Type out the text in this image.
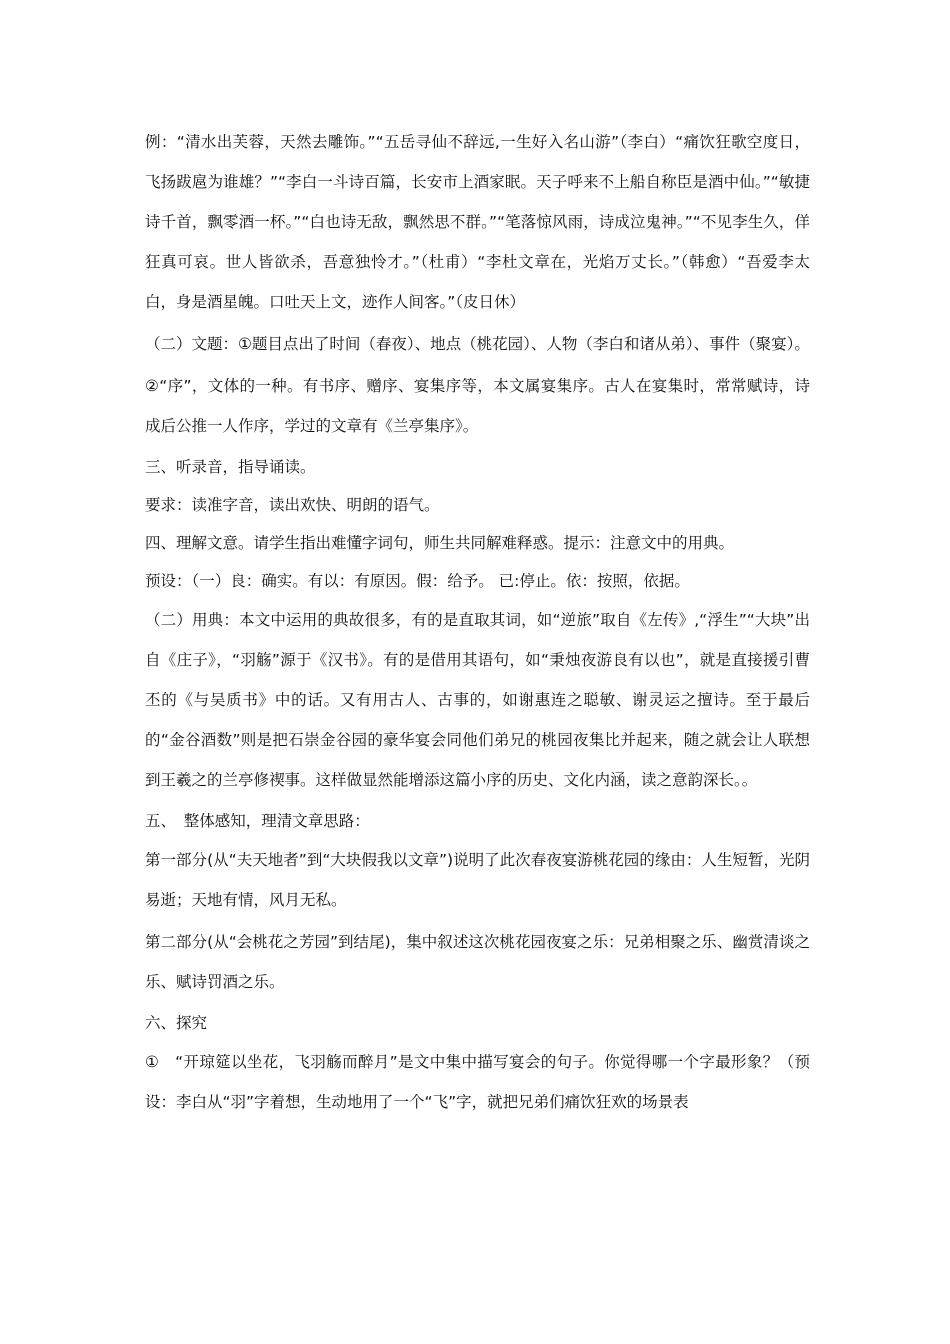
例：“清水出芙蓉，天然去雕饰。”“五岳寻仙不辞远,一生好入名山游”（李白）“痛饮狂歌空度日，飞扬跋扈为谁雄？”“李白一斗诗百篇，长安市上酒家眠。天子呼来不上船自称臣是酒中仙。”“敏捷诗千首，飘零酒一杯。”“白也诗无敌，飘然思不群。”“笔落惊风雨，诗成泣鬼神。”“不见李生久，佯狂真可哀。世人皆欲杀，吾意独怜才。”（杜甫）“李杜文章在，光焰万丈长。”（韩愈）“吾爱李太白，身是酒星魄。口吐天上文，迹作人间客。”（皮日休）

（二）文题：①题目点出了时间（春夜）、地点（桃花园）、人物（李白和诸从弟）、事件（聚宴）。

②“序”，文体的一种。有书序、赠序、宴集序等，本文属宴集序。古人在宴集时，常常赋诗，诗成后公推一人作序，学过的文章有《兰亭集序》。

三、听录音，指导诵读。

要求：读准字音，读出欢快、明朗的语气。

四、理解文意。请学生指出难懂字词句，师生共同解难释惑。提示：注意文中的用典。

预设：（一）良：确实。有以：有原因。假：给予。 已:停止。依：按照，依据。

（二）用典：本文中运用的典故很多，有的是直取其词，如“逆旅”取自《左传》,“浮生”“大块”出自《庄子》，“羽觞”源于《汉书》。有的是借用其语句，如“秉烛夜游良有以也”，就是直接援引曹丕的《与吴质书》中的话。又有用古人、古事的，如谢惠连之聪敏、谢灵运之擅诗。至于最后的“金谷酒数”则是把石崇金谷园的豪华宴会同他们弟兄的桃园夜集比并起来，随之就会让人联想到王羲之的兰亭修禊事。这样做显然能增添这篇小序的历史、文化内涵，读之意韵深长。。

五、　整体感知，理清文章思路：

第一部分(从“夫天地者”到“大块假我以文章”)说明了此次春夜宴游桃花园的缘由：人生短暂，光阴易逝；天地有情，风月无私。

第二部分(从“会桃花之芳园”到结尾)，集中叙述这次桃花园夜宴之乐：兄弟相聚之乐、幽赏清谈之乐、赋诗罚酒之乐。

六、探究

①　“开琼筵以坐花，飞羽觞而醉月”是文中集中描写宴会的句子。你觉得哪一个字最形象？（预设：李白从“羽”字着想，生动地用了一个“飞”字，就把兄弟们痛饮狂欢的场景表
